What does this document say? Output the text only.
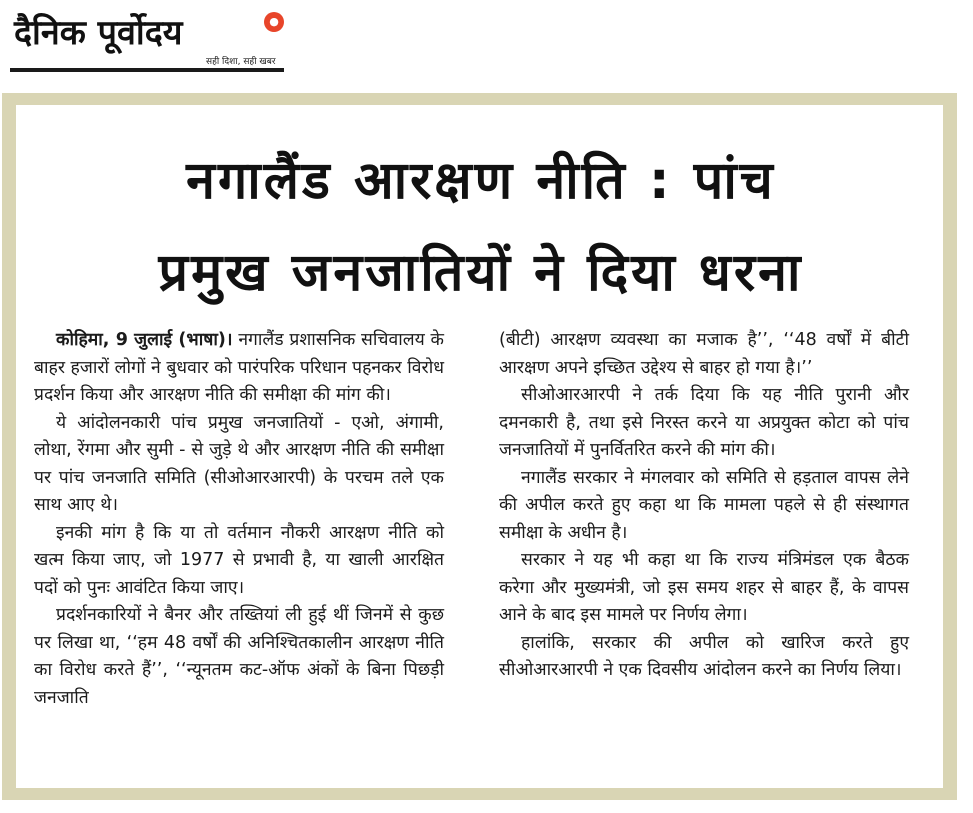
दैनिक पूर्वोदय	●
सही दिशा, सही खबर
नगालैंड आरक्षण नीति : पांच
प्रमुख जनजातियों ने दिया धरना

कोहिमा, 9 जुलाई (भाषा)। नगालैंड प्रशासनिक सचिवालय के बाहर हजारों लोगों ने बुधवार को पारंपरिक परिधान पहनकर विरोध प्रदर्शन किया और आरक्षण नीति की समीक्षा की मांग की।

ये आंदोलनकारी पांच प्रमुख जनजातियों - एओ, अंगामी, लोथा, रेंगमा और सुमी - से जुड़े थे और आरक्षण नीति की समीक्षा पर पांच जनजाति समिति (सीओआरआरपी) के परचम तले एक साथ आए थे।

इनकी मांग है कि या तो वर्तमान नौकरी आरक्षण नीति को खत्म किया जाए, जो 1977 से प्रभावी है, या खाली आरक्षित पदों को पुनः आवंटित किया जाए।

प्रदर्शनकारियों ने बैनर और तख्तियां ली हुई थीं जिनमें से कुछ पर लिखा था, ‘‘हम 48 वर्षों की अनिश्चितकालीन आरक्षण नीति का विरोध करते हैं’’, ‘‘न्यूनतम कट-ऑफ अंकों के बिना पिछड़ी जनजाति

(बीटी) आरक्षण व्यवस्था का मजाक है’’, ‘‘48 वर्षों में बीटी आरक्षण अपने इच्छित उद्देश्य से बाहर हो गया है।’’

सीओआरआरपी ने तर्क दिया कि यह नीति पुरानी और दमनकारी है, तथा इसे निरस्त करने या अप्रयुक्त कोटा को पांच जनजातियों में पुनर्वितरित करने की मांग की।

नगालैंड सरकार ने मंगलवार को समिति से हड़ताल वापस लेने की अपील करते हुए कहा था कि मामला पहले से ही संस्थागत समीक्षा के अधीन है।

सरकार ने यह भी कहा था कि राज्य मंत्रिमंडल एक बैठक करेगा और मुख्यमंत्री, जो इस समय शहर से बाहर हैं, के वापस आने के बाद इस मामले पर निर्णय लेगा।

हालांकि, सरकार की अपील को खारिज करते हुए सीओआरआरपी ने एक दिवसीय आंदोलन करने का निर्णय लिया।
